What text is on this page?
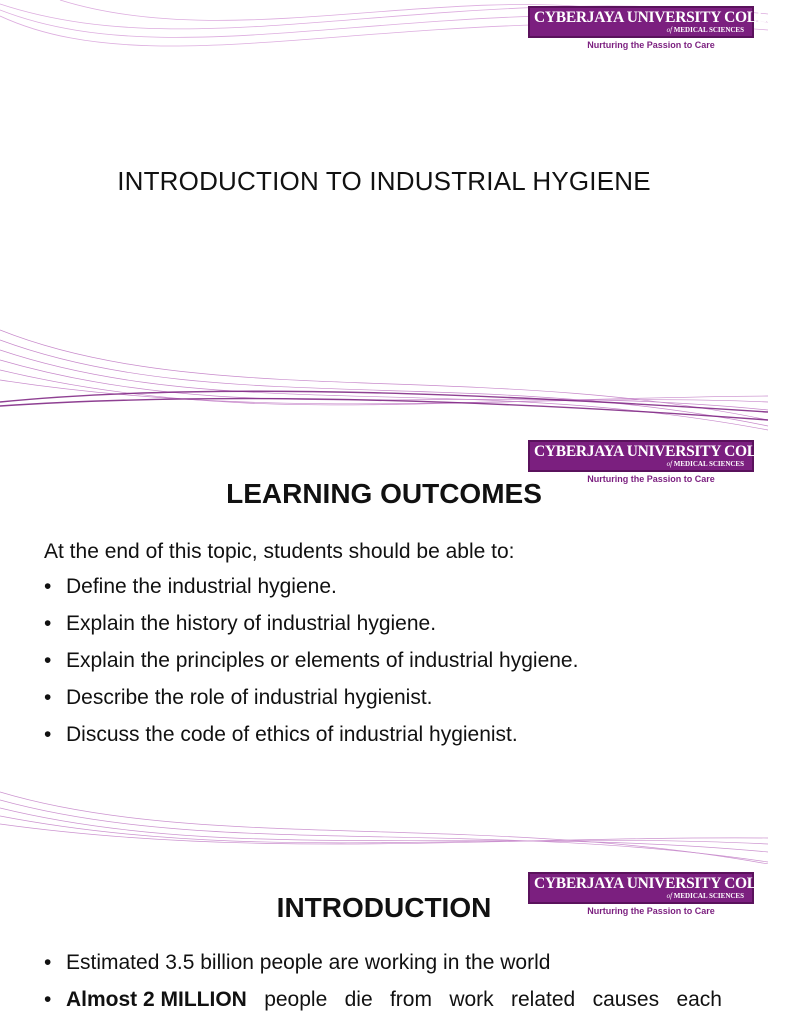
CYBERJAYA UNIVERSITY COLLEGE
of MEDICAL SCIENCES
Nurturing the Passion to Care
INTRODUCTION TO INDUSTRIAL HYGIENE
CYBERJAYA UNIVERSITY COLLEGE
of MEDICAL SCIENCES
Nurturing the Passion to Care
LEARNING OUTCOMES
At the end of this topic, students should be able to:
• Define the industrial hygiene.
• Explain the history of industrial hygiene.
• Explain the principles or elements of industrial hygiene.
• Describe the role of industrial hygienist.
• Discuss the code of ethics of industrial hygienist.
CYBERJAYA UNIVERSITY COLLEGE
of MEDICAL SCIENCES
Nurturing the Passion to Care
INTRODUCTION
• Estimated 3.5 billion people are working in the world
• Almost 2 MILLION people die from work related causes each
